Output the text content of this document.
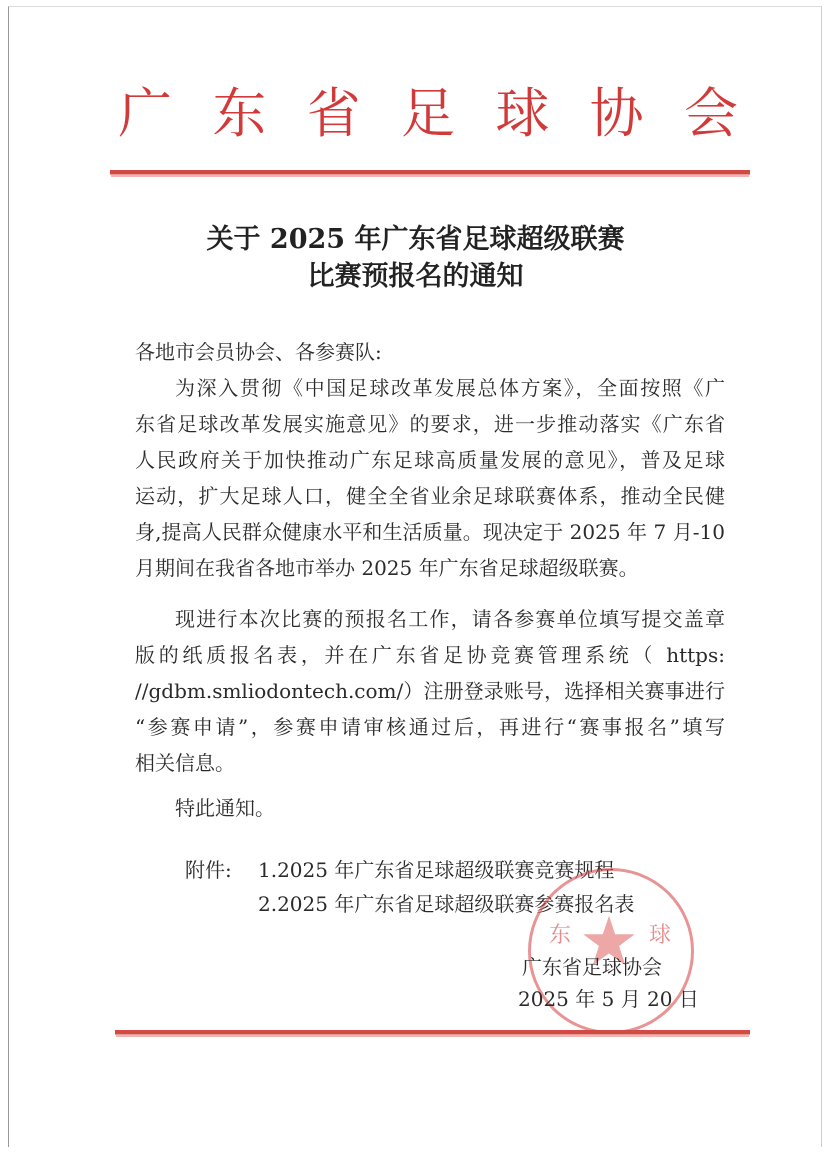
广 东 省 足 球 协 会
关于 2025 年广东省足球超级联赛
比赛预报名的通知
各地市会员协会、各参赛队:
为深入贯彻《中国足球改革发展总体方案》，全面按照《广
东省足球改革发展实施意见》的要求，进一步推动落实《广东省
人民政府关于加快推动广东足球高质量发展的意见》，普及足球
运动，扩大足球人口，健全全省业余足球联赛体系，推动全民健
身,提高人民群众健康水平和生活质量。现决定于 2025 年 7 月-10
月期间在我省各地市举办 2025 年广东省足球超级联赛。
现进行本次比赛的预报名工作，请各参赛单位填写提交盖章
版的纸质报名表，并在广东省足协竞赛管理系统（ https:
//gdbm.smliodontech.com/）注册登录账号，选择相关赛事进行
“参赛申请”，参赛申请审核通过后，再进行“赛事报名”填写
相关信息。
特此通知。
附件: 1.2025 年广东省足球超级联赛竞赛规程
2.2025 年广东省足球超级联赛参赛报名表
东	球
广东省足球协会
2025 年 5 月 20 日
